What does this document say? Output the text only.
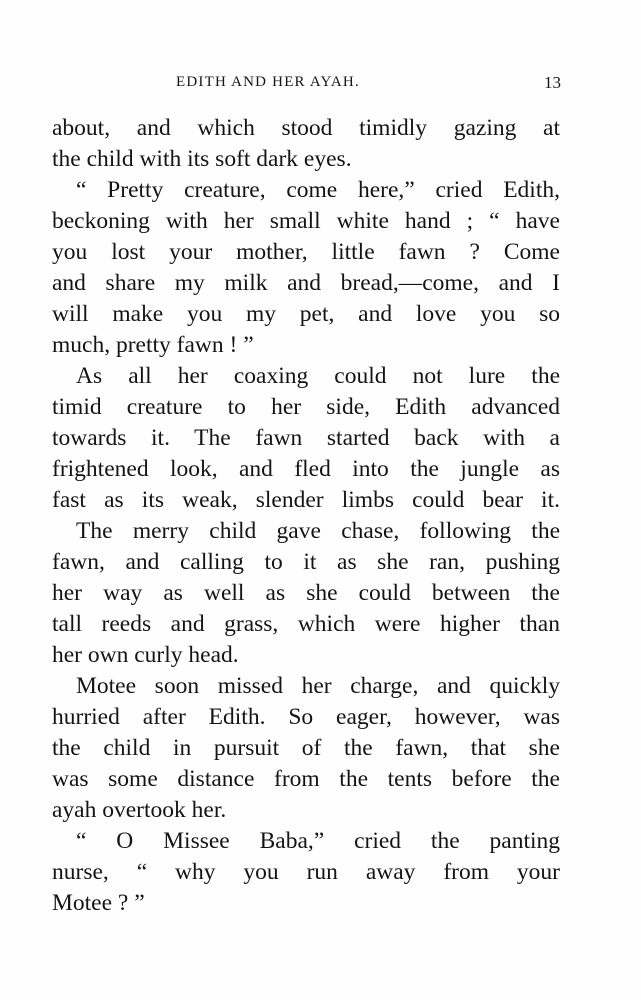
EDITH AND HER AYAH.	13
about, and which stood timidly gazing at
the child with its soft dark eyes.
“ Pretty creature, come here,” cried Edith,
beckoning with her small white hand ; “ have
you lost your mother, little fawn ? Come
and share my milk and bread,—come, and I
will make you my pet, and love you so
much, pretty fawn ! ”
As all her coaxing could not lure the
timid creature to her side, Edith advanced
towards it. The fawn started back with a
frightened look, and fled into the jungle as
fast as its weak, slender limbs could bear it.
The merry child gave chase, following the
fawn, and calling to it as she ran, pushing
her way as well as she could between the
tall reeds and grass, which were higher than
her own curly head.
Motee soon missed her charge, and quickly
hurried after Edith. So eager, however, was
the child in pursuit of the fawn, that she
was some distance from the tents before the
ayah overtook her.
“ O Missee Baba,” cried the panting
nurse, “ why you run away from your
Motee ? ”
